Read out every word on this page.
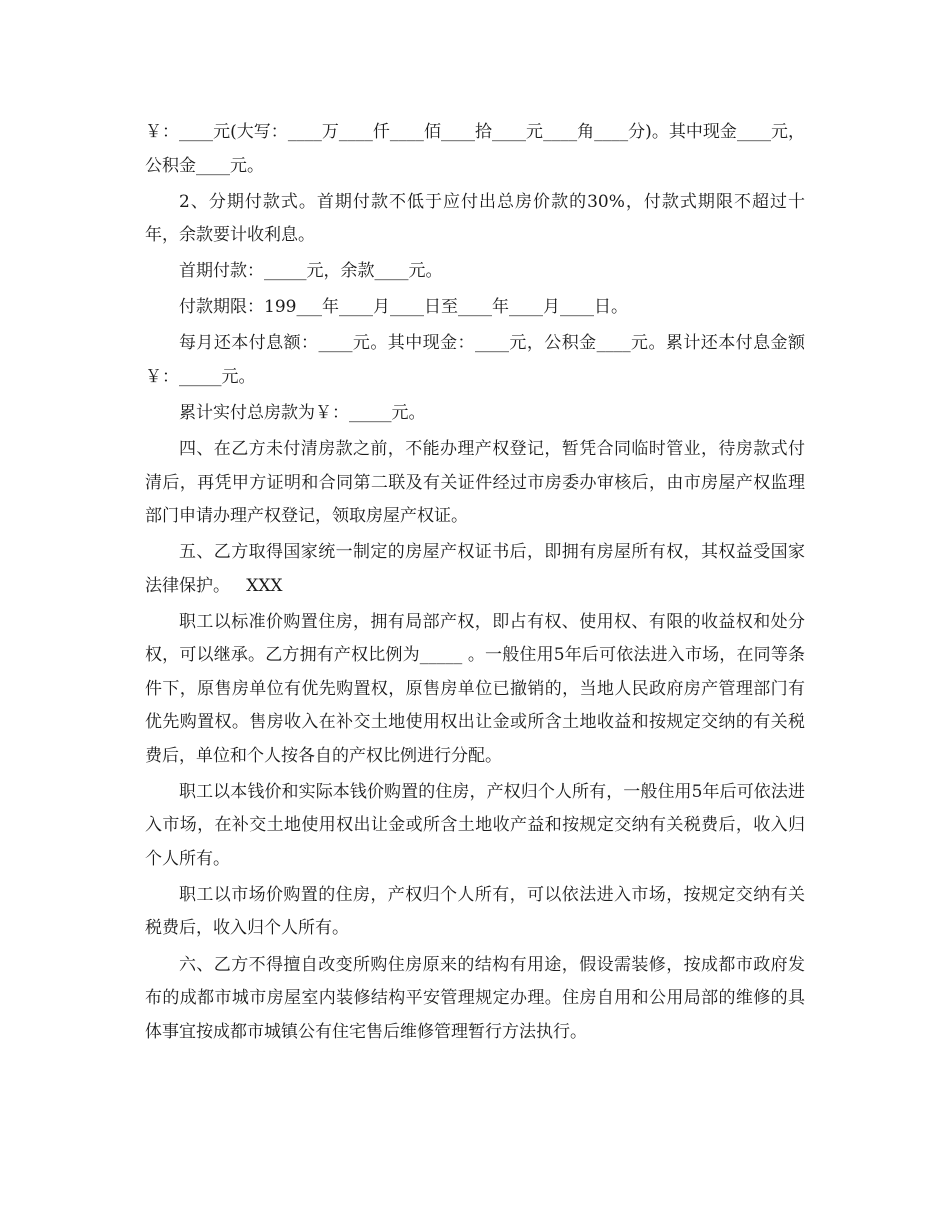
￥：____元(大写：____万____仟____佰____拾____元____角____分)。其中现金____元，公积金____元。

2、分期付款式。首期付款不低于应付出总房价款的30%，付款式期限不超过十年，余款要计收利息。

首期付款：_____元，余款____元。

付款期限：199___年____月____日至____年____月____日。

每月还本付息额：____元。其中现金：____元，公积金____元。累计还本付息金额￥：_____元。

累计实付总房款为￥：_____元。

四、在乙方未付清房款之前，不能办理产权登记，暂凭合同临时管业，待房款式付清后，再凭甲方证明和合同第二联及有关证件经过市房委办审核后，由市房屋产权监理部门申请办理产权登记，领取房屋产权证。

五、乙方取得国家统一制定的房屋产权证书后，即拥有房屋所有权，其权益受国家法律保护。   XXX

职工以标准价购置住房，拥有局部产权，即占有权、使用权、有限的收益权和处分权，可以继承。乙方拥有产权比例为_____ 。一般住用5年后可依法进入市场，在同等条件下，原售房单位有优先购置权，原售房单位已撤销的，当地人民政府房产管理部门有优先购置权。售房收入在补交土地使用权出让金或所含土地收益和按规定交纳的有关税费后，单位和个人按各自的产权比例进行分配。

职工以本钱价和实际本钱价购置的住房，产权归个人所有，一般住用5年后可依法进入市场，在补交土地使用权出让金或所含土地收产益和按规定交纳有关税费后，收入归个人所有。

职工以市场价购置的住房，产权归个人所有，可以依法进入市场，按规定交纳有关税费后，收入归个人所有。

六、乙方不得擅自改变所购住房原来的结构有用途，假设需装修，按成都市政府发布的成都市城市房屋室内装修结构平安管理规定办理。住房自用和公用局部的维修的具体事宜按成都市城镇公有住宅售后维修管理暂行方法执行。
